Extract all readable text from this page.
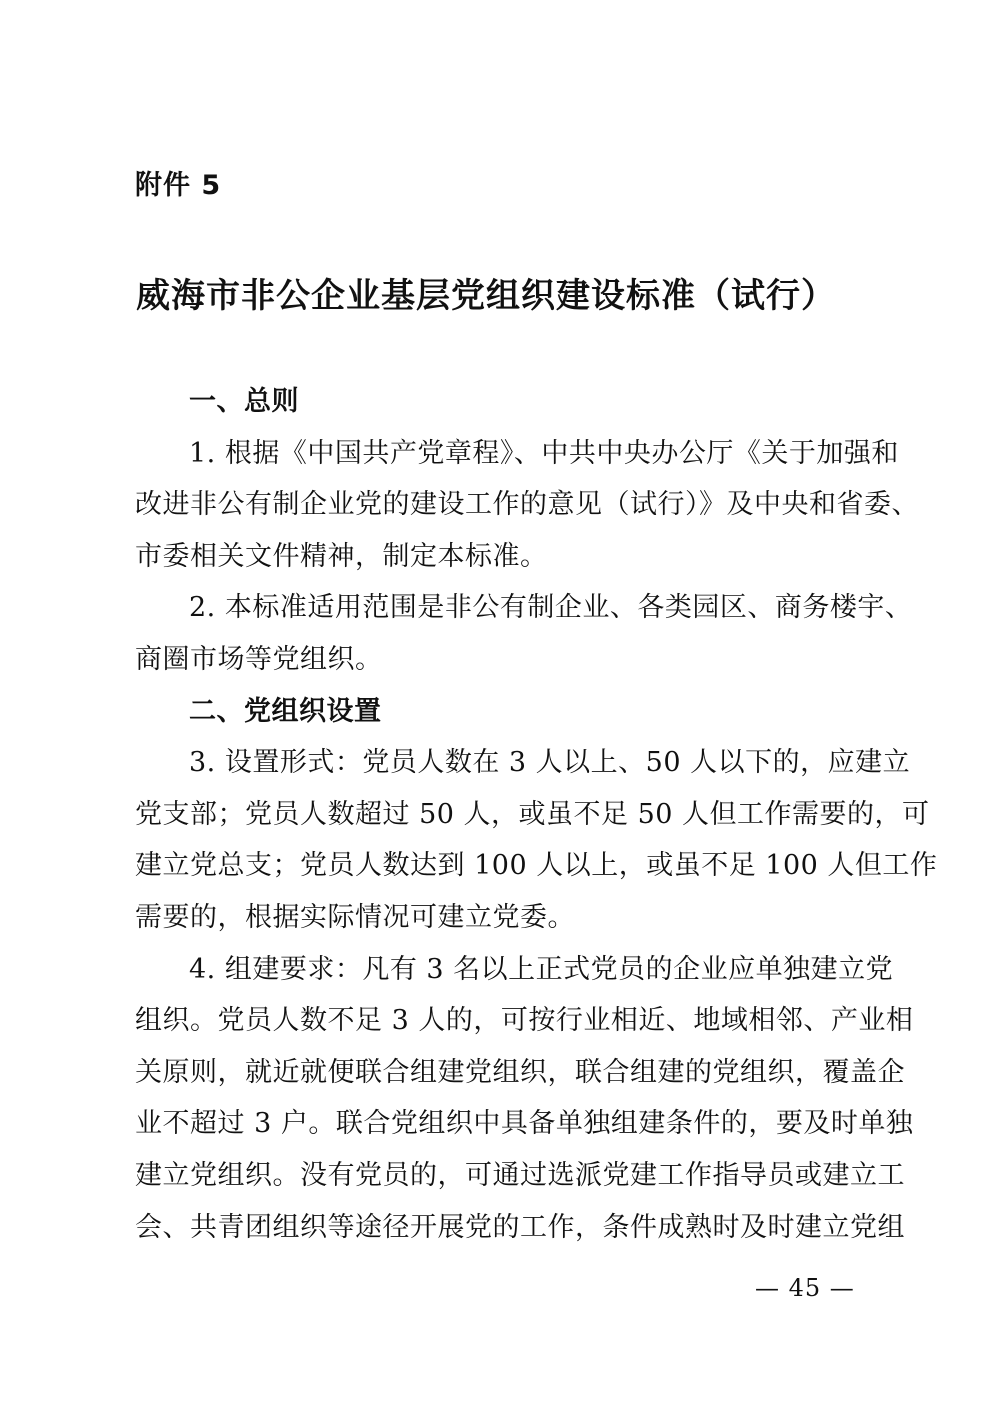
附件 5
威海市非公企业基层党组织建设标准（试行）
一、总则
1. 根据《中国共产党章程》、中共中央办公厅《关于加强和
改进非公有制企业党的建设工作的意见（试行）》及中央和省委、
市委相关文件精神，制定本标准。
2. 本标准适用范围是非公有制企业、各类园区、商务楼宇、
商圈市场等党组织。
二、党组织设置
3. 设置形式：党员人数在 3 人以上、50 人以下的，应建立
党支部；党员人数超过 50 人，或虽不足 50 人但工作需要的，可
建立党总支；党员人数达到 100 人以上，或虽不足 100 人但工作
需要的，根据实际情况可建立党委。
4. 组建要求：凡有 3 名以上正式党员的企业应单独建立党
组织。党员人数不足 3 人的，可按行业相近、地域相邻、产业相
关原则，就近就便联合组建党组织，联合组建的党组织，覆盖企
业不超过 3 户。联合党组织中具备单独组建条件的，要及时单独
建立党组织。没有党员的，可通过选派党建工作指导员或建立工
会、共青团组织等途径开展党的工作，条件成熟时及时建立党组
— 45 —
